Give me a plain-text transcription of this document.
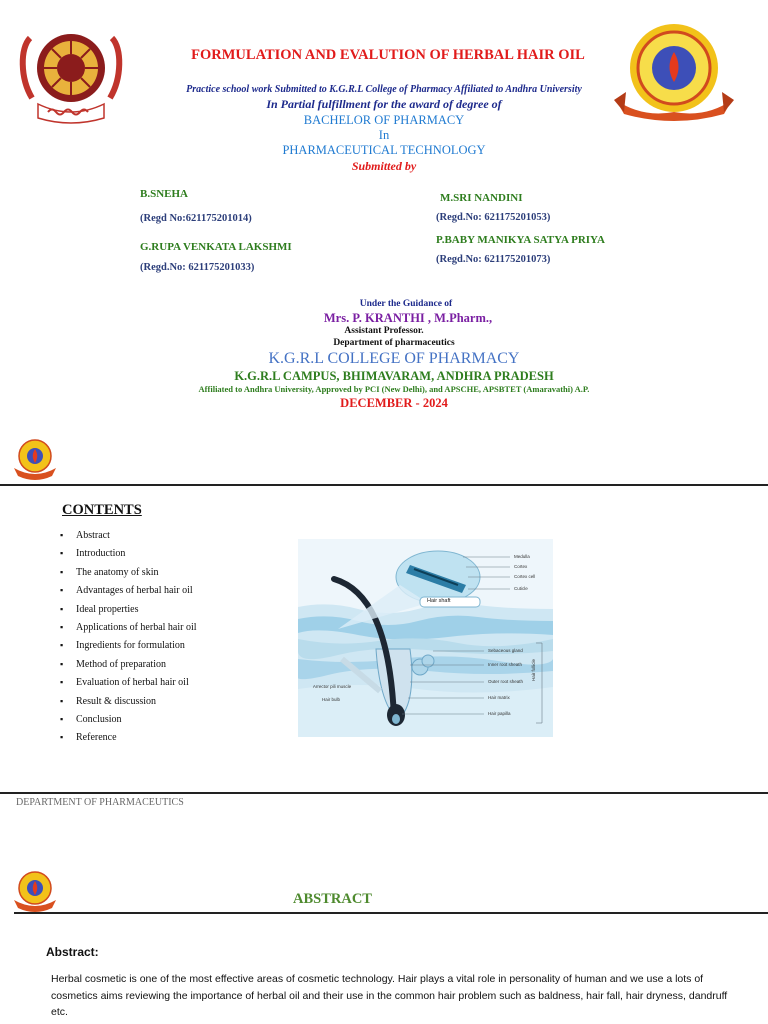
FORMULATION AND EVALUTION OF HERBAL HAIR OIL
Practice school work Submitted to K.G.R.L College of Pharmacy Affiliated to Andhra University
In Partial fulfillment for the award of degree of
BACHELOR OF PHARMACY
In
PHARMACEUTICAL TECHNOLOGY
Submitted by
B.SNEHA
(Regd No:621175201014)
G.RUPA VENKATA LAKSHMI
(Regd.No: 621175201033)
M.SRI NANDINI
(Regd.No: 621175201053)
P.BABY MANIKYA SATYA PRIYA
(Regd.No: 621175201073)
Under the Guidance of
Mrs. P. KRANTHI , M.Pharm.,
Assistant Professor.
Department of pharmaceutics
K.G.R.L COLLEGE OF PHARMACY
K.G.R.L CAMPUS, BHIMAVARAM, ANDHRA PRADESH
Affiliated to Andhra University, Approved by PCI (New Delhi), and APSCHE, APSBTET (Amaravathi) A.P.
DECEMBER - 2024
CONTENTS
▪ Abstract
▪ Introduction
▪ The anatomy of skin
▪ Advantages of herbal hair oil
▪ Ideal properties
▪ Applications of herbal hair oil
▪ Ingredients for formulation
▪ Method of preparation
▪ Evaluation of herbal hair oil
▪ Result & discussion
▪ Conclusion
▪ Reference
Hair shaft
Medulla
Cortex
Cortex cell
Cuticle
Sebaceous gland
Inner root sheath
Outer root sheath
Hair matrix
Hair papilla
Hair follicle
Arrector pili muscle
Hair bulb
DEPARTMENT OF PHARMACEUTICS
ABSTRACT
Abstract:
Herbal cosmetic is one of the most effective areas of cosmetic technology. Hair plays a vital role in personality of human and we use a lots of cosmetics aims reviewing the importance of herbal oil and their use in the common hair problem such as baldness, hair fall, hair dryness, dandruff etc.
